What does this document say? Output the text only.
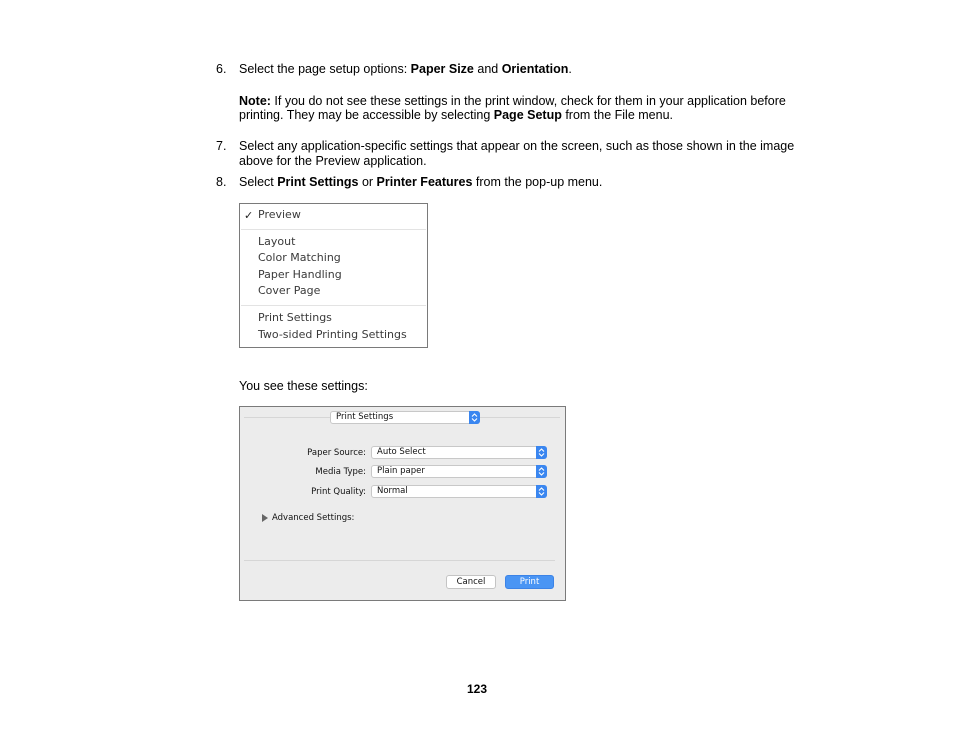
6. Select the page setup options: Paper Size and Orientation.
Note: If you do not see these settings in the print window, check for them in your application before
printing. They may be accessible by selecting Page Setup from the File menu.
7. Select any application-specific settings that appear on the screen, such as those shown in the image
above for the Preview application.
8. Select Print Settings or Printer Features from the pop-up menu.
✓ Preview
Layout
Color Matching
Paper Handling
Cover Page
Print Settings
Two-sided Printing Settings
You see these settings:
Print Settings
Paper Source:	Auto Select
Media Type:	Plain paper
Print Quality:	Normal
Advanced Settings:
Cancel	Print
123
